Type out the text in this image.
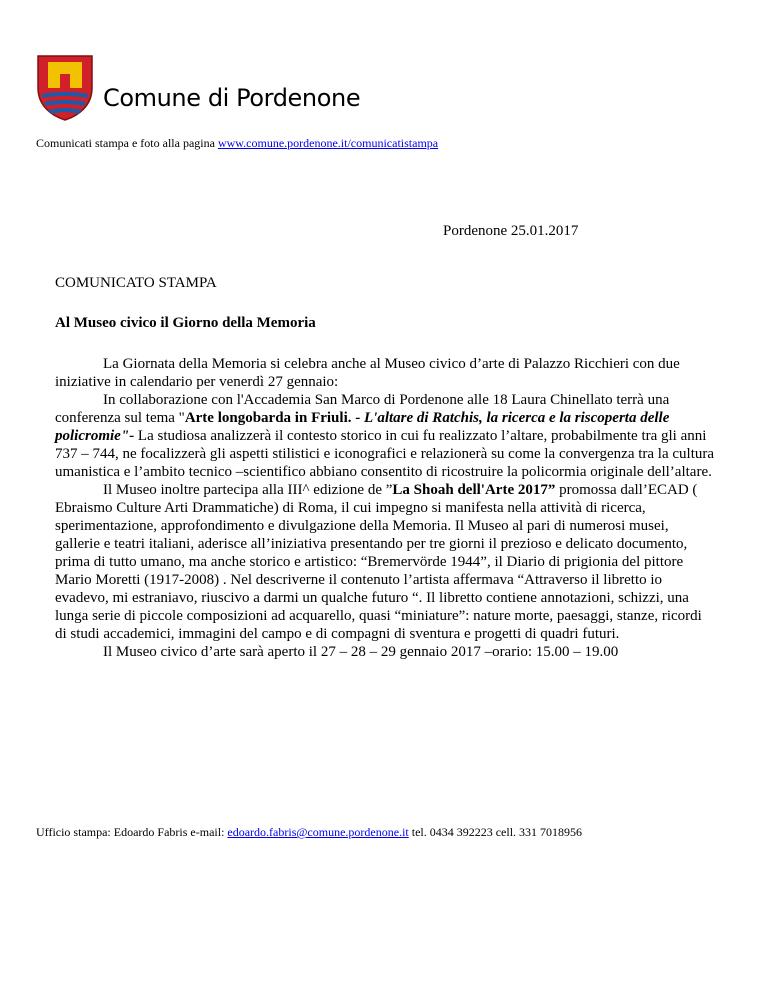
Comune di Pordenone
Comunicati stampa e foto alla pagina www.comune.pordenone.it/comunicatistampa
Pordenone 25.01.2017
COMUNICATO STAMPA
Al Museo civico il Giorno della Memoria

La Giornata della Memoria si celebra anche al Museo civico d’arte di Palazzo Ricchieri con due iniziative in calendario per venerdì 27 gennaio:

In collaborazione con l'Accademia San Marco di Pordenone alle 18 Laura Chinellato terrà una conferenza sul tema "Arte longobarda in Friuli. - L'altare di Ratchis, la ricerca e la riscoperta delle policromie"- La studiosa analizzerà il contesto storico in cui fu realizzato l’altare, probabilmente tra gli anni 737 – 744, ne focalizzerà gli aspetti stilistici e iconografici e relazionerà su come la convergenza tra la cultura umanistica e l’ambito tecnico –scientifico abbiano consentito di ricostruire la policormia originale dell’altare.

Il Museo inoltre partecipa alla III^ edizione de ”La Shoah dell'Arte 2017” promossa dall’ECAD ( Ebraismo Culture Arti Drammatiche) di Roma, il cui impegno si manifesta nella attività di ricerca, sperimentazione, approfondimento e divulgazione della Memoria. Il Museo al pari di numerosi musei, gallerie e teatri italiani, aderisce all’iniziativa presentando per tre giorni il prezioso e delicato documento, prima di tutto umano, ma anche storico e artistico: “Bremervörde 1944”, il Diario di prigionia del pittore Mario Moretti (1917-2008) . Nel descriverne il contenuto l’artista affermava “Attraverso il libretto io evadevo, mi estraniavo, riuscivo a darmi un qualche futuro “. Il libretto contiene annotazioni, schizzi, una lunga serie di piccole composizioni ad acquarello, quasi “miniature”: nature morte, paesaggi, stanze, ricordi di studi accademici, immagini del campo e di compagni di sventura e progetti di quadri futuri.

Il Museo civico d’arte sarà aperto il 27 – 28 – 29 gennaio 2017 –orario: 15.00 – 19.00

Ufficio stampa: Edoardo Fabris e-mail: edoardo.fabris@comune.pordenone.it tel. 0434 392223 cell. 331 7018956
